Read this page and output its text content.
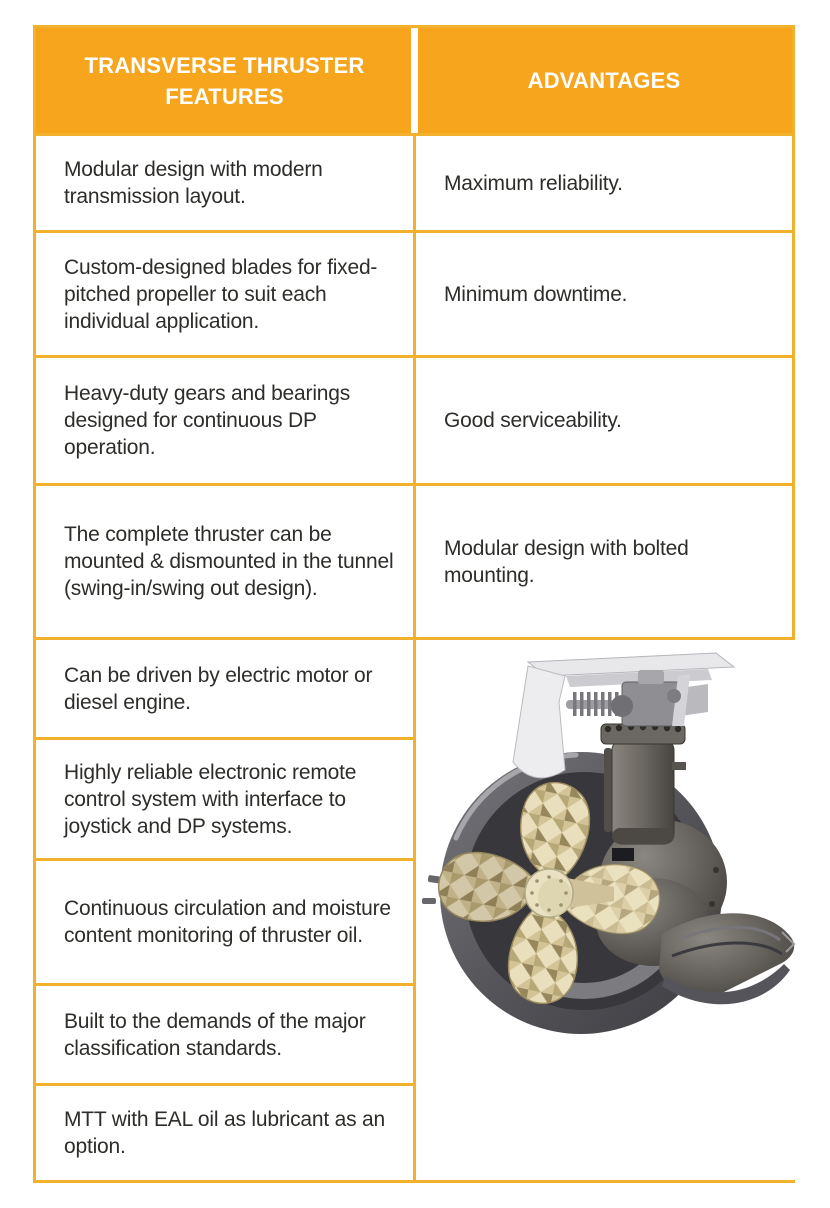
TRANSVERSE THRUSTER FEATURES
ADVANTAGES

Modular design with modern transmission layout.

Maximum reliability.

Custom-designed blades for fixed-pitched propeller to suit each individual application.

Minimum downtime.

Heavy-duty gears and bearings designed for continuous DP operation.

Good serviceability.

The complete thruster can be mounted & dismounted in the tunnel (swing-in/swing out design).

Modular design with bolted mounting.

Can be driven by electric motor or diesel engine.

Highly reliable electronic remote control system with interface to joystick and DP systems.

Continuous circulation and moisture content monitoring of thruster oil.

Built to the demands of the major classification standards.

MTT with EAL oil as lubricant as an option.
